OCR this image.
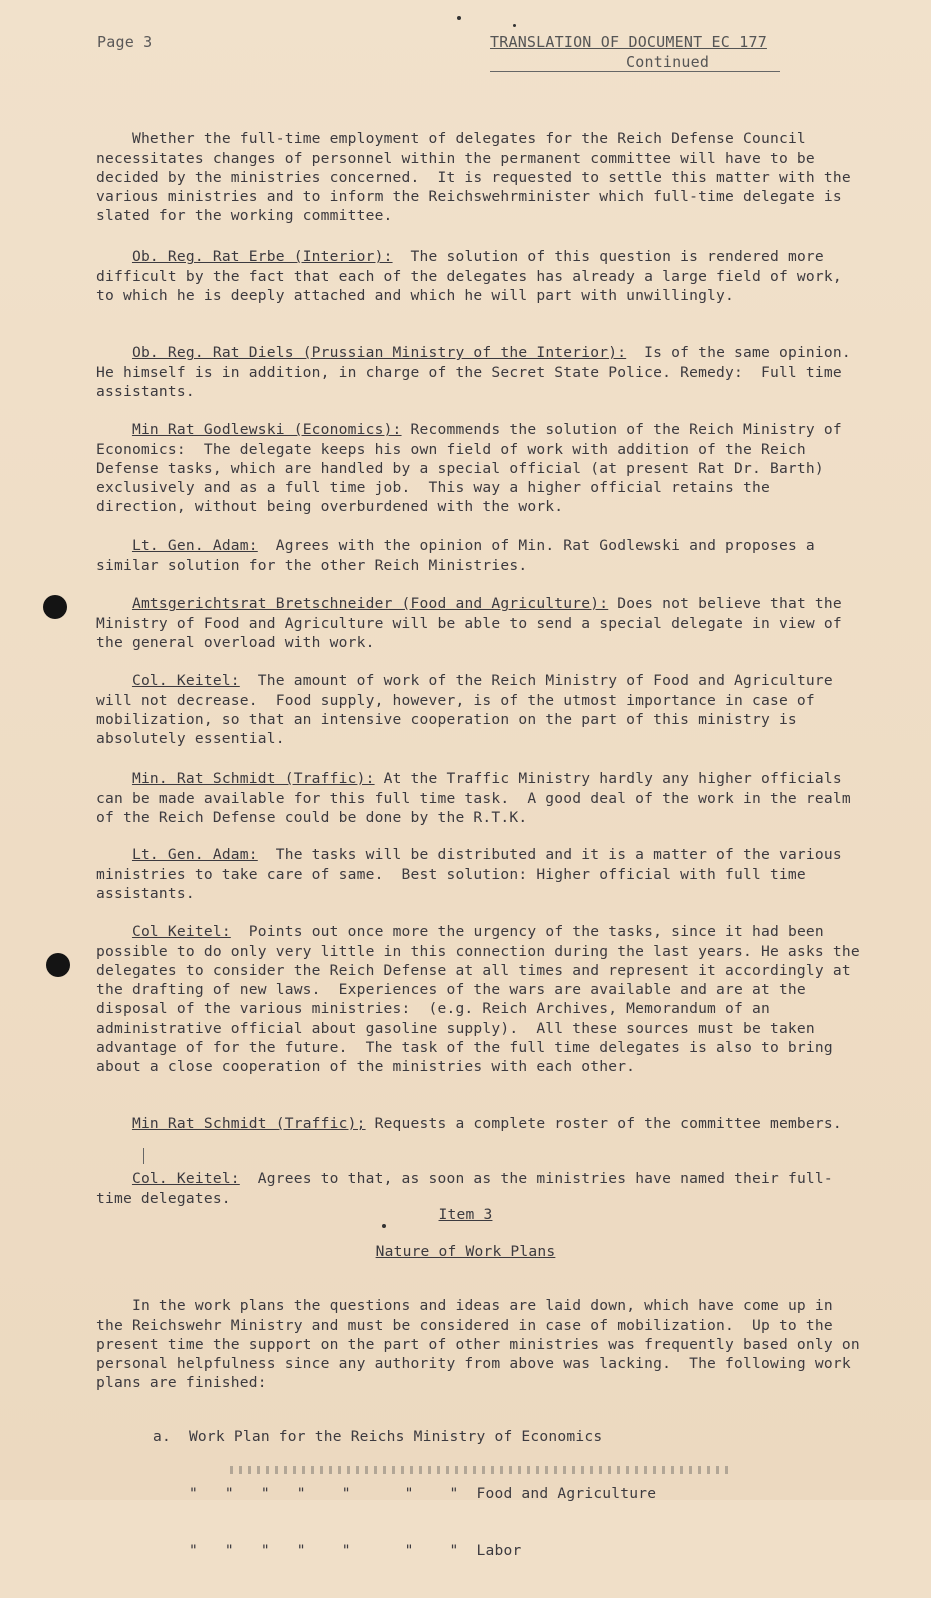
Page 3	TRANSLATION OF DOCUMENT EC 177
Continued

Whether the full-time employment of delegates for the Reich Defense Council necessitates changes of personnel within the permanent committee will have to be decided by the ministries concerned.  It is requested to settle this matter with the various ministries and to inform the Reichswehrminister which full-time delegate is slated for the working committee.

Ob. Reg. Rat Erbe (Interior):  The solution of this question is rendered more difficult by the fact that each of the delegates has already a large field of work, to which he is deeply attached and which he will part with unwillingly.

Ob. Reg. Rat Diels (Prussian Ministry of the Interior):  Is of the same opinion.  He himself is in addition, in charge of the Secret State Police. Remedy:  Full time assistants.

Min Rat Godlewski (Economics): Recommends the solution of the Reich Ministry of Economics:  The delegate keeps his own field of work with addition of the Reich Defense tasks, which are handled by a special official (at present Rat Dr. Barth) exclusively and as a full time job.  This way a higher official retains the direction, without being overburdened with the work.

Lt. Gen. Adam:  Agrees with the opinion of Min. Rat Godlewski and proposes a similar solution for the other Reich Ministries.

Amtsgerichtsrat Bretschneider (Food and Agriculture): Does not believe that the Ministry of Food and Agriculture will be able to send a special delegate in view of the general overload with work.

Col. Keitel:  The amount of work of the Reich Ministry of Food and Agriculture will not decrease.  Food supply, however, is of the utmost importance in case of mobilization, so that an intensive cooperation on the part of this ministry is absolutely essential.

Min. Rat Schmidt (Traffic): At the Traffic Ministry hardly any higher officials can be made available for this full time task.  A good deal of the work in the realm of the Reich Defense could be done by the R.T.K.

Lt. Gen. Adam:  The tasks will be distributed and it is a matter of the various ministries to take care of same.  Best solution: Higher official with full time assistants.

Col Keitel:  Points out once more the urgency of the tasks, since it had been possible to do only very little in this connection during the last years. He asks the delegates to consider the Reich Defense at all times and represent it accordingly at the drafting of new laws.  Experiences of the wars are available and are at the disposal of the various ministries:  (e.g. Reich Archives, Memorandum of an administrative official about gasoline supply).  All these sources must be taken advantage of for the future.  The task of the full time delegates is also to bring about a close cooperation of the ministries with each other.

Min Rat Schmidt (Traffic); Requests a complete roster of the committee members.

Col. Keitel:  Agrees to that, as soon as the ministries have named their full-time delegates.

Item 3
Nature of Work Plans

In the work plans the questions and ideas are laid down, which have come up in the Reichswehr Ministry and must be considered in case of mobilization.  Up to the present time the support on the part of other ministries was frequently based only on personal helpfulness since any authority from above was lacking.  The following work plans are finished:

a.  Work Plan for the Reichs Ministry of Economics

"   "   "   "    "      "    "  Food and Agriculture

"   "   "   "    "      "    "  Labor
